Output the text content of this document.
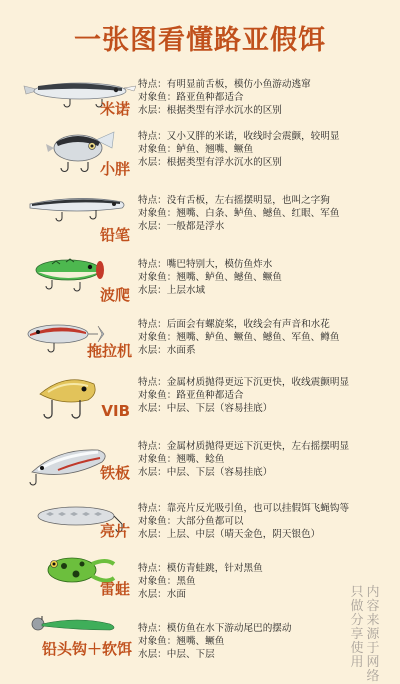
一张图看懂路亚假饵
米诺
特点：有明显前舌板，模仿小鱼游动逃窜
对象鱼：路亚鱼种都适合
水层：根据类型有浮水沉水的区别
小胖
特点：又小又胖的米诺，收线时会震颤，较明显
对象鱼：鲈鱼、翘嘴、鳜鱼
水层：根据类型有浮水沉水的区别
铅笔
特点：没有舌板，左右摇摆明显，也叫之字狗
对象鱼：翘嘴、白条、鲈鱼、鳡鱼、红眼、军鱼
水层：一般都是浮水
波爬
特点：嘴巴特别大，模仿鱼炸水
对象鱼：翘嘴、鲈鱼、鳡鱼、鳜鱼
水层：上层水域
拖拉机
特点：后面会有螺旋桨，收线会有声音和水花
对象鱼：翘嘴、鲈鱼、鳜鱼、鳡鱼、军鱼、鳟鱼
水层：水面系
VIB
特点：金属材质抛得更远下沉更快，收线震颤明显
对象鱼：路亚鱼种都适合
水层：中层、下层（容易挂底）
铁板
特点：金属材质抛得更远下沉更快，左右摇摆明显
对象鱼：翘嘴、鲶鱼
水层：中层、下层（容易挂底）
亮片
特点：靠亮片反光吸引鱼，也可以挂假饵飞蝇钩等
对象鱼：大部分鱼都可以
水层：上层、中层（晴天金色，阴天银色）
雷蛙
特点：模仿青蛙跳，针对黑鱼
对象鱼：黑鱼
水层：水面
铅头钩＋软饵
特点：模仿鱼在水下游动尾巴的摆动
对象鱼：翘嘴、鳜鱼
水层：中层、下层
内容来源于网络
只做分享使用
